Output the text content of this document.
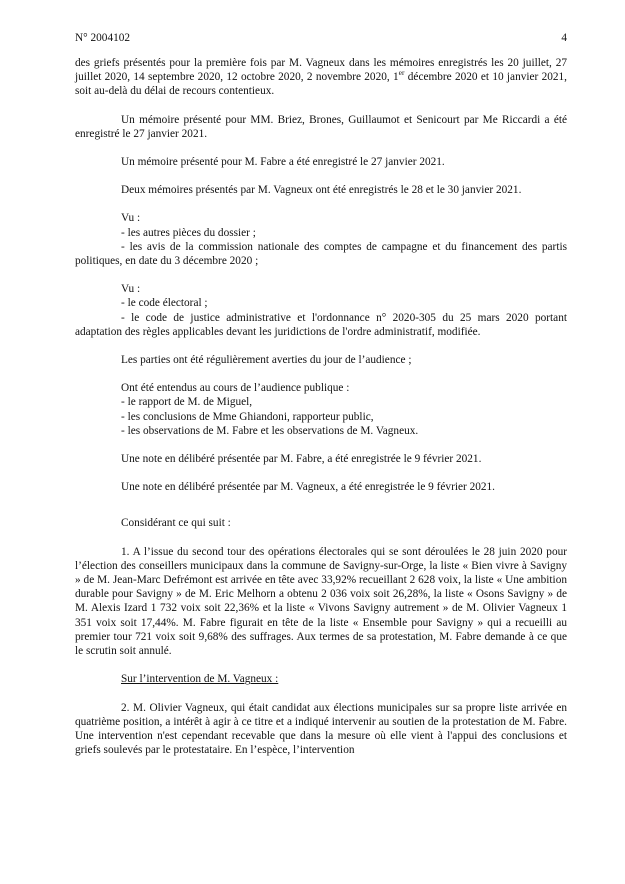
N° 2004102	4

des griefs présentés pour la première fois par M. Vagneux dans les mémoires enregistrés les 20 juillet, 27 juillet 2020, 14 septembre 2020, 12 octobre 2020, 2 novembre 2020, 1er décembre 2020 et 10 janvier 2021, soit au-delà du délai de recours contentieux.

Un mémoire présenté pour MM. Briez, Brones, Guillaumot et Senicourt par Me Riccardi a été enregistré le 27 janvier 2021.

Un mémoire présenté pour M. Fabre a été enregistré le 27 janvier 2021.

Deux mémoires présentés par M. Vagneux ont été enregistrés le 28 et le 30 janvier 2021.

Vu :

- les autres pièces du dossier ;

- les avis de la commission nationale des comptes de campagne et du financement des partis politiques, en date du 3 décembre 2020 ;

Vu :

- le code électoral ;

- le code de justice administrative et l'ordonnance n° 2020-305 du 25 mars 2020 portant adaptation des règles applicables devant les juridictions de l'ordre administratif, modifiée.

Les parties ont été régulièrement averties du jour de l’audience ;

Ont été entendus au cours de l’audience publique :

- le rapport de M. de Miguel,

- les conclusions de Mme Ghiandoni, rapporteur public,

- les observations de M. Fabre et les observations de M. Vagneux.

Une note en délibéré présentée par M. Fabre, a été enregistrée le 9 février 2021.

Une note en délibéré présentée par M. Vagneux, a été enregistrée le 9 février 2021.

Considérant ce qui suit :

1. A l’issue du second tour des opérations électorales qui se sont déroulées le 28 juin 2020 pour l’élection des conseillers municipaux dans la commune de Savigny-sur-Orge, la liste « Bien vivre à Savigny » de M. Jean-Marc Defrémont est arrivée en tête avec 33,92% recueillant 2 628 voix, la liste « Une ambition durable pour Savigny » de M. Eric Melhorn a obtenu 2 036 voix soit 26,28%, la liste « Osons Savigny » de M. Alexis Izard 1 732 voix soit 22,36% et la liste « Vivons Savigny autrement » de M. Olivier Vagneux 1 351 voix soit 17,44%. M. Fabre figurait en tête de la liste « Ensemble pour Savigny » qui a recueilli au premier tour 721 voix soit 9,68% des suffrages. Aux termes de sa protestation, M. Fabre demande à ce que le scrutin soit annulé.

Sur l’intervention de M. Vagneux :

2. M. Olivier Vagneux, qui était candidat aux élections municipales sur sa propre liste arrivée en quatrième position, a intérêt à agir à ce titre et a indiqué intervenir au soutien de la protestation de M. Fabre. Une intervention n'est cependant recevable que dans la mesure où elle vient à l'appui des conclusions et griefs soulevés par le protestataire. En l’espèce, l’intervention
